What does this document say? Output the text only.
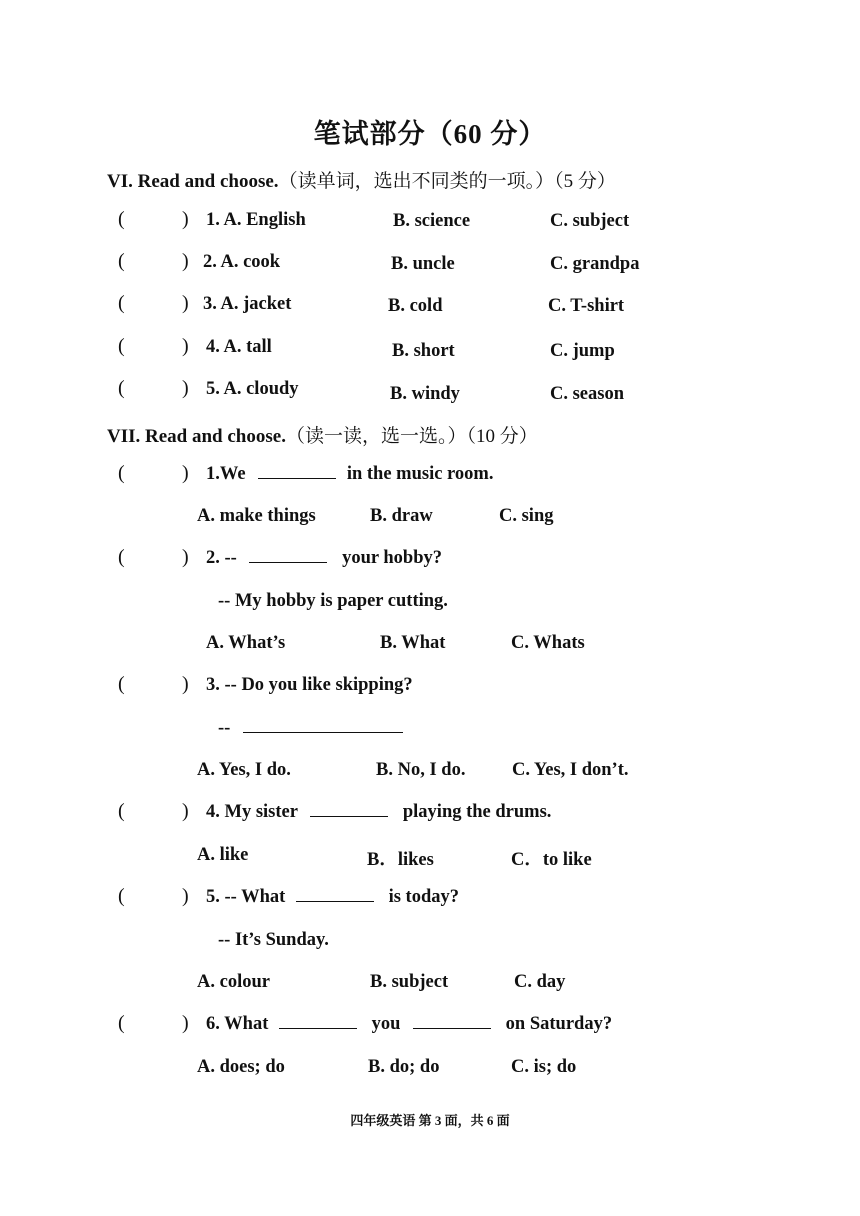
笔试部分（60 分）
VI. Read and choose.（读单词，选出不同类的一项。）（5 分）
(	) 1. A. English	B. science	C. subject
(	) 2. A. cook	B. uncle	C. grandpa
(	) 3. A. jacket	B. cold	C. T-shirt
(	) 4. A. tall	B. short	C. jump
(	) 5. A. cloudy	B. windy	C. season
VII. Read and choose.（读一读，选一选。）（10 分）
(	) 1.We	in the music room.
A. make things	B. draw	C. sing
(	) 2. --	your hobby?
-- My hobby is paper cutting.
A. What’s	B. What	C. Whats
(	) 3. -- Do you like skipping?
--
A. Yes, I do.	B. No, I do.	C. Yes, I don’t.
(	) 4. My sister	playing the drums.
A. like	B．likes	C．to like
(	) 5. -- What	is today?
-- It’s Sunday.
A. colour	B. subject	C. day
(	) 6. What	you	on Saturday?
A. does; do	B. do; do	C. is; do
四年级英语 第 3 面，共 6 面
